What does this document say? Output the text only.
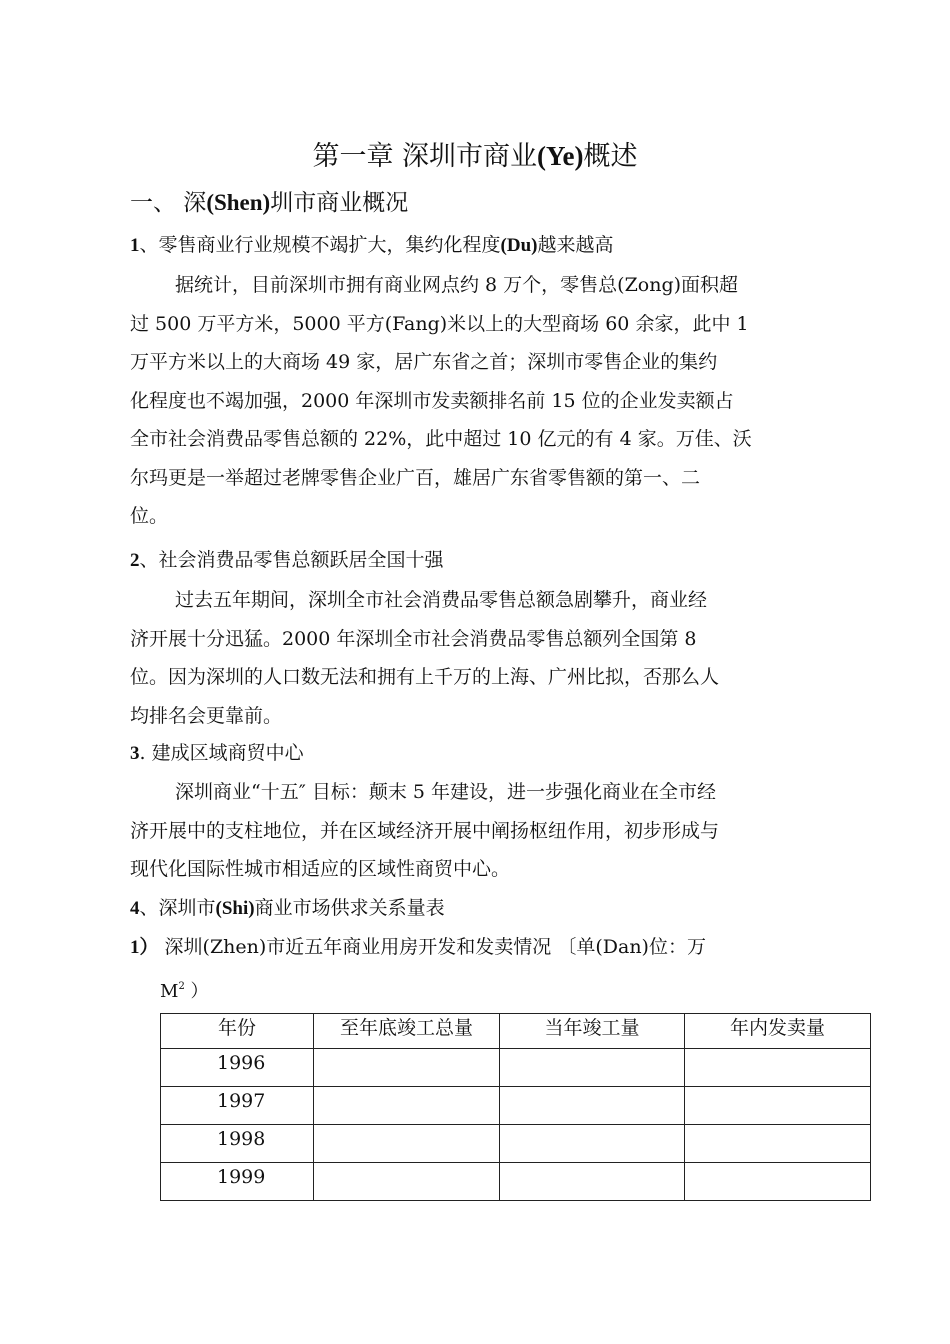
第一章 深圳市商业(Ye)概述
一、 深(Shen)圳市商业概况
1、零售商业行业规模不竭扩大，集约化程度(Du)越来越高
据统计，目前深圳市拥有商业网点约 8 万个，零售总(Zong)面积超
过 500 万平方米，5000 平方(Fang)米以上的大型商场 60 余家，此中 1
万平方米以上的大商场 49 家，居广东省之首；深圳市零售企业的集约
化程度也不竭加强，2000 年深圳市发卖额排名前 15 位的企业发卖额占
全市社会消费品零售总额的 22%，此中超过 10 亿元的有 4 家。万佳、沃
尔玛更是一举超过老牌零售企业广百，雄居广东省零售额的第一、二
位。
2、社会消费品零售总额跃居全国十强
过去五年期间，深圳全市社会消费品零售总额急剧攀升，商业经
济开展十分迅猛。2000 年深圳全市社会消费品零售总额列全国第 8
位。因为深圳的人口数无法和拥有上千万的上海、广州比拟，否那么人
均排名会更靠前。
3. 建成区域商贸中心
深圳商业“十五″ 目标：颠末 5 年建设，进一步强化商业在全市经
济开展中的支柱地位，并在区域经济开展中阐扬枢纽作用，初步形成与
现代化国际性城市相适应的区域性商贸中心。
4、深圳市(Shi)商业市场供求关系量表
1） 深圳(Zhen)市近五年商业用房开发和发卖情况 〔单(Dan)位：万
$M^2$ ）
年份	至年底竣工总量	当年竣工量	年内发卖量
1996			
1997			
1998			
1999			
